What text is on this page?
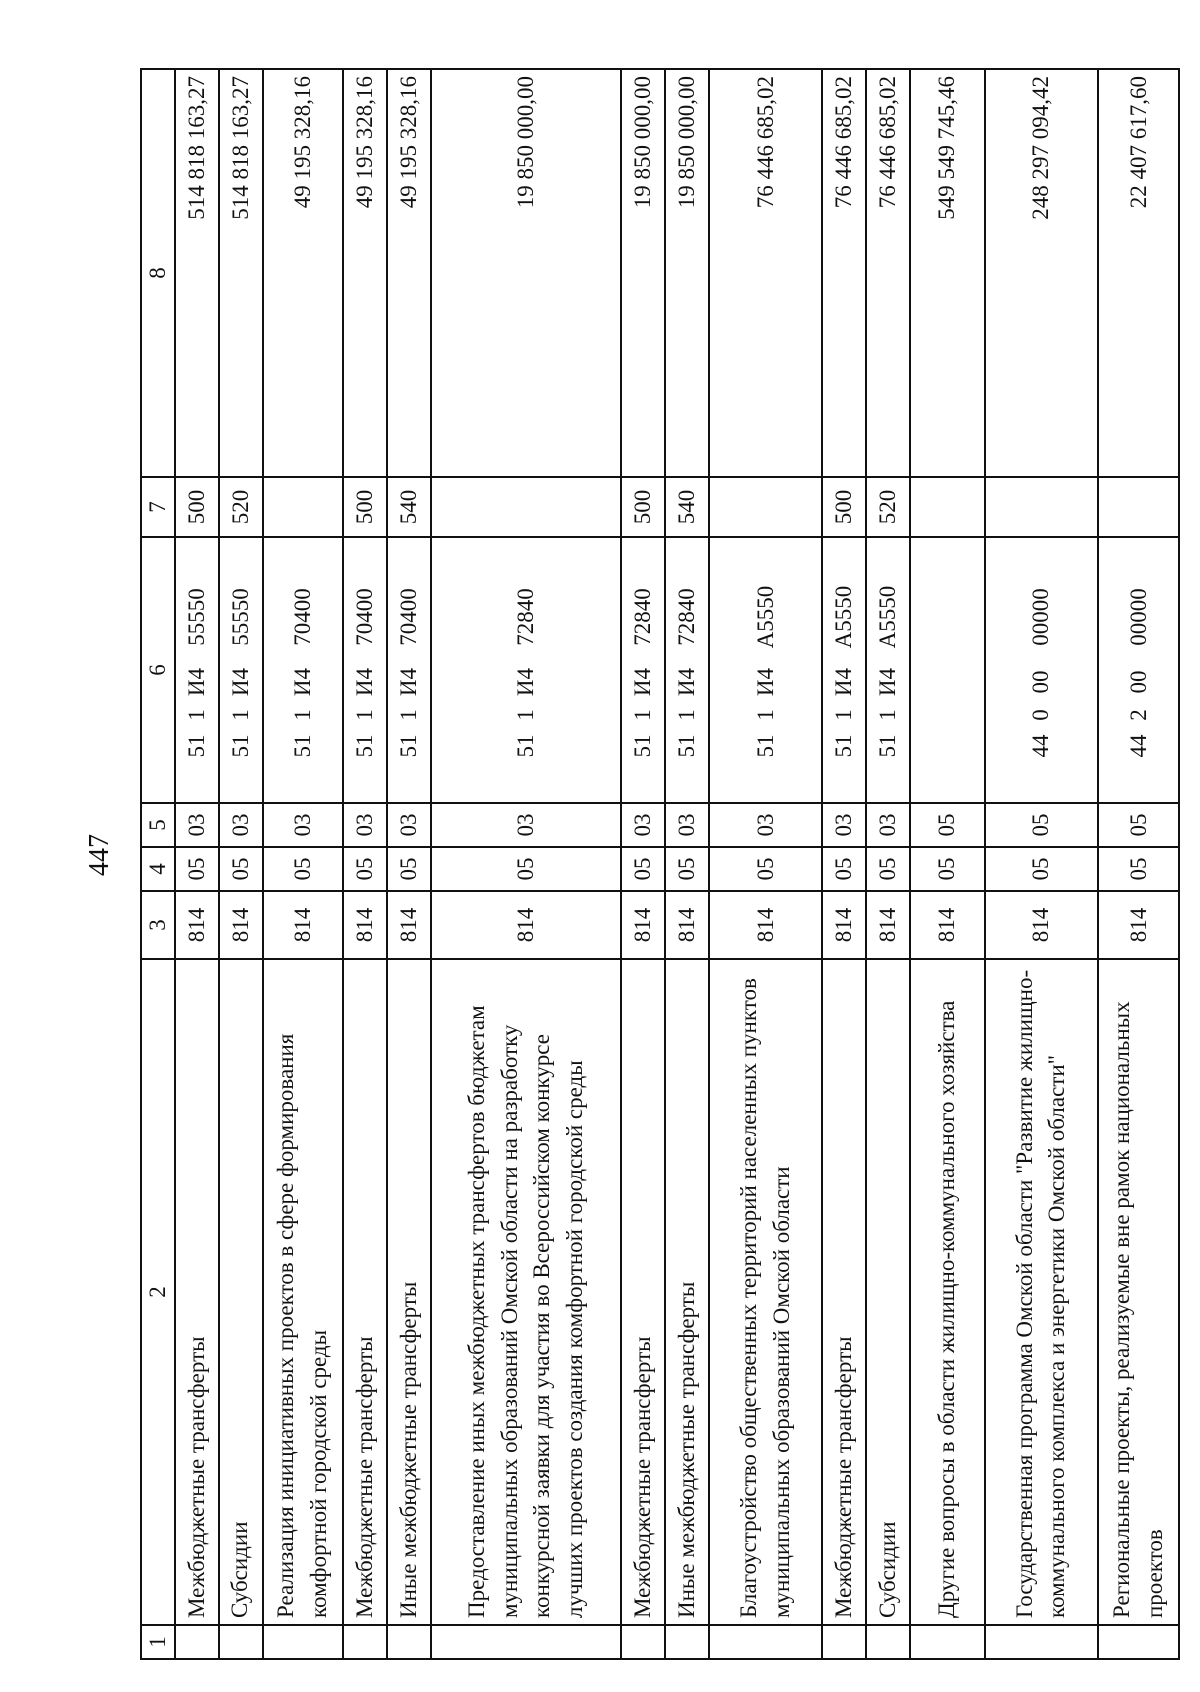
447
1	2	3	4	5	6	7	8
	Межбюджетные трансферты	814	05	03	511И455550	500	514 818 163,27
	Субсидии	814	05	03	511И455550	520	514 818 163,27
	Реализация инициативных проектов в сфере формирования комфортной городской среды	814	05	03	511И470400		49 195 328,16
	Межбюджетные трансферты	814	05	03	511И470400	500	49 195 328,16
	Иные межбюджетные трансферты	814	05	03	511И470400	540	49 195 328,16
	Предоставление иных межбюджетных трансфертов бюджетам муниципальных образований Омской области на разработку конкурсной заявки для участия во Всероссийском конкурсе лучших проектов создания комфортной городской среды	814	05	03	511И472840		19 850 000,00
	Межбюджетные трансферты	814	05	03	511И472840	500	19 850 000,00
	Иные межбюджетные трансферты	814	05	03	511И472840	540	19 850 000,00
	Благоустройство общественных территорий населенных пунктов муниципальных образований Омской области	814	05	03	511И4А5550		76 446 685,02
	Межбюджетные трансферты	814	05	03	511И4А5550	500	76 446 685,02
	Субсидии	814	05	03	511И4А5550	520	76 446 685,02
	Другие вопросы в области жилищно-коммунального хозяйства	814	05	05			549 549 745,46
	Государственная программа Омской области "Развитие жилищно-коммунального комплекса и энергетики Омской области"	814	05	05	4400000000		248 297 094,42
	Региональные проекты, реализуемые вне рамок национальных проектов	814	05	05	4420000000		22 407 617,60
